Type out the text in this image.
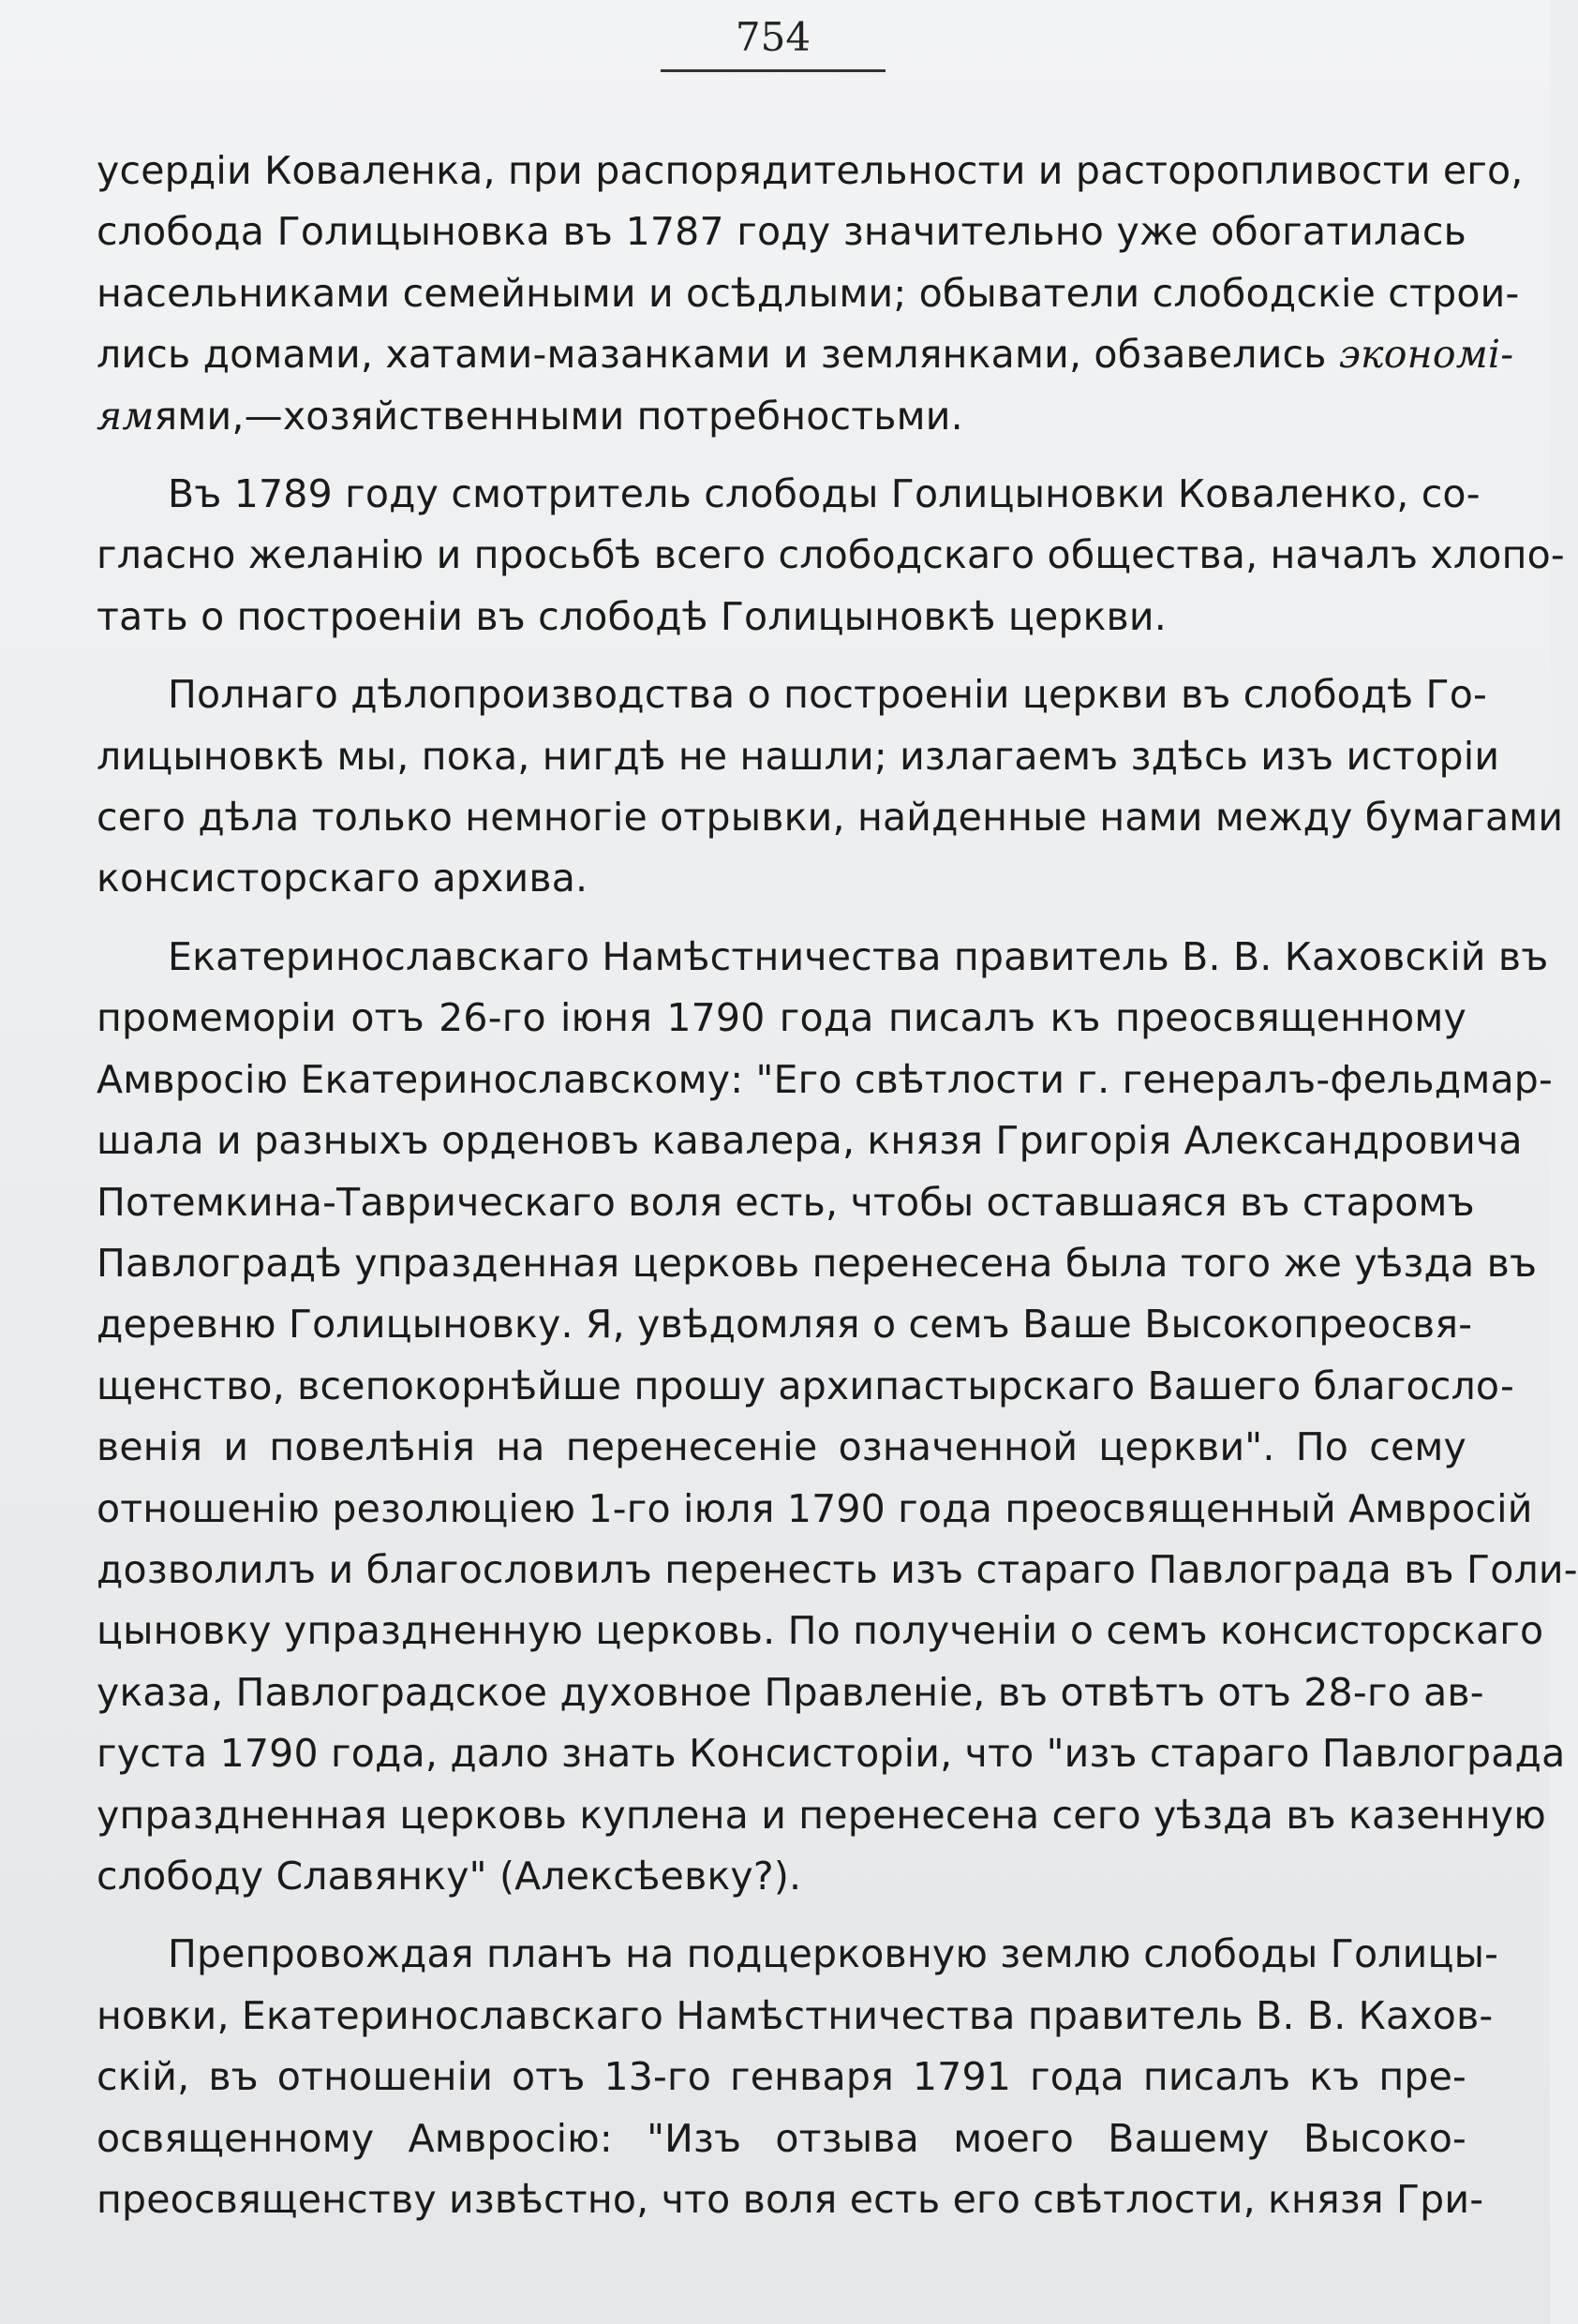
754
усердiи Коваленка, при распорядительности и расторопливости его,
слобода Голицыновка въ 1787 году значительно уже обогатилась
насельниками семейными и осѣдлыми; обыватели слободскiе строи-
лись домами, хатами-мазанками и землянками, обзавелись экономi-
ямями,—хозяйственными потребностьми.
Въ 1789 году смотритель слободы Голицыновки Коваленко, со-
гласно желанiю и просьбѣ всего слободскаго общества, началъ хлопо-
тать о построенiи въ слободѣ Голицыновкѣ церкви.
Полнаго дѣлопроизводства о построенiи церкви въ слободѣ Го-
лицыновкѣ мы, пока, нигдѣ не нашли; излагаемъ здѣсь изъ исторiи
сего дѣла только немногiе отрывки, найденные нами между бумагами
консисторскаго архива.
Екатеринославскаго Намѣстничества правитель В. В. Каховскiй въ
промеморiи отъ 26-го iюня 1790 года писалъ къ преосвященному
Амвросiю Екатеринославскому: "Его свѣтлости г. генералъ-фельдмар-
шала и разныхъ орденовъ кавалера, князя Григорiя Александровича
Потемкина-Таврическаго воля есть, чтобы оставшаяся въ старомъ
Павлоградѣ упразденная церковь перенесена была того же уѣзда въ
деревню Голицыновку. Я, увѣдомляя о семъ Ваше Высокопреосвя-
щенство, всепокорнѣйше прошу архипастырскаго Вашего благослo-
венiя и повелѣнiя на перенесенiе означенной церкви". По сему
отношенiю резолюцiею 1-го iюля 1790 года преосвященный Амвросiй
дозволилъ и благословилъ перенесть изъ стараго Павлограда въ Голи-
цыновку упраздненную церковь. По полученiи о семъ консисторскаго
указа, Павлоградское духовное Правленiе, въ отвѣтъ отъ 28-го ав-
густа 1790 года, дало знать Консисторiи, что "изъ стараго Павлограда
упраздненная церковь куплена и перенесена сего уѣзда въ казенную
слободу Славянку" (Алексѣевку?).
Препровождая планъ на подцерковную землю слободы Голицы-
новки, Екатеринославскаго Намѣстничества правитель В. В. Кахов-
скiй, въ отношенiи отъ 13-го генваря 1791 года писалъ къ пре-
освященному Амвросiю: "Изъ отзыва моего Вашему Высоко-
преосвященству извѣстно, что воля есть его свѣтлости, князя Гри-
